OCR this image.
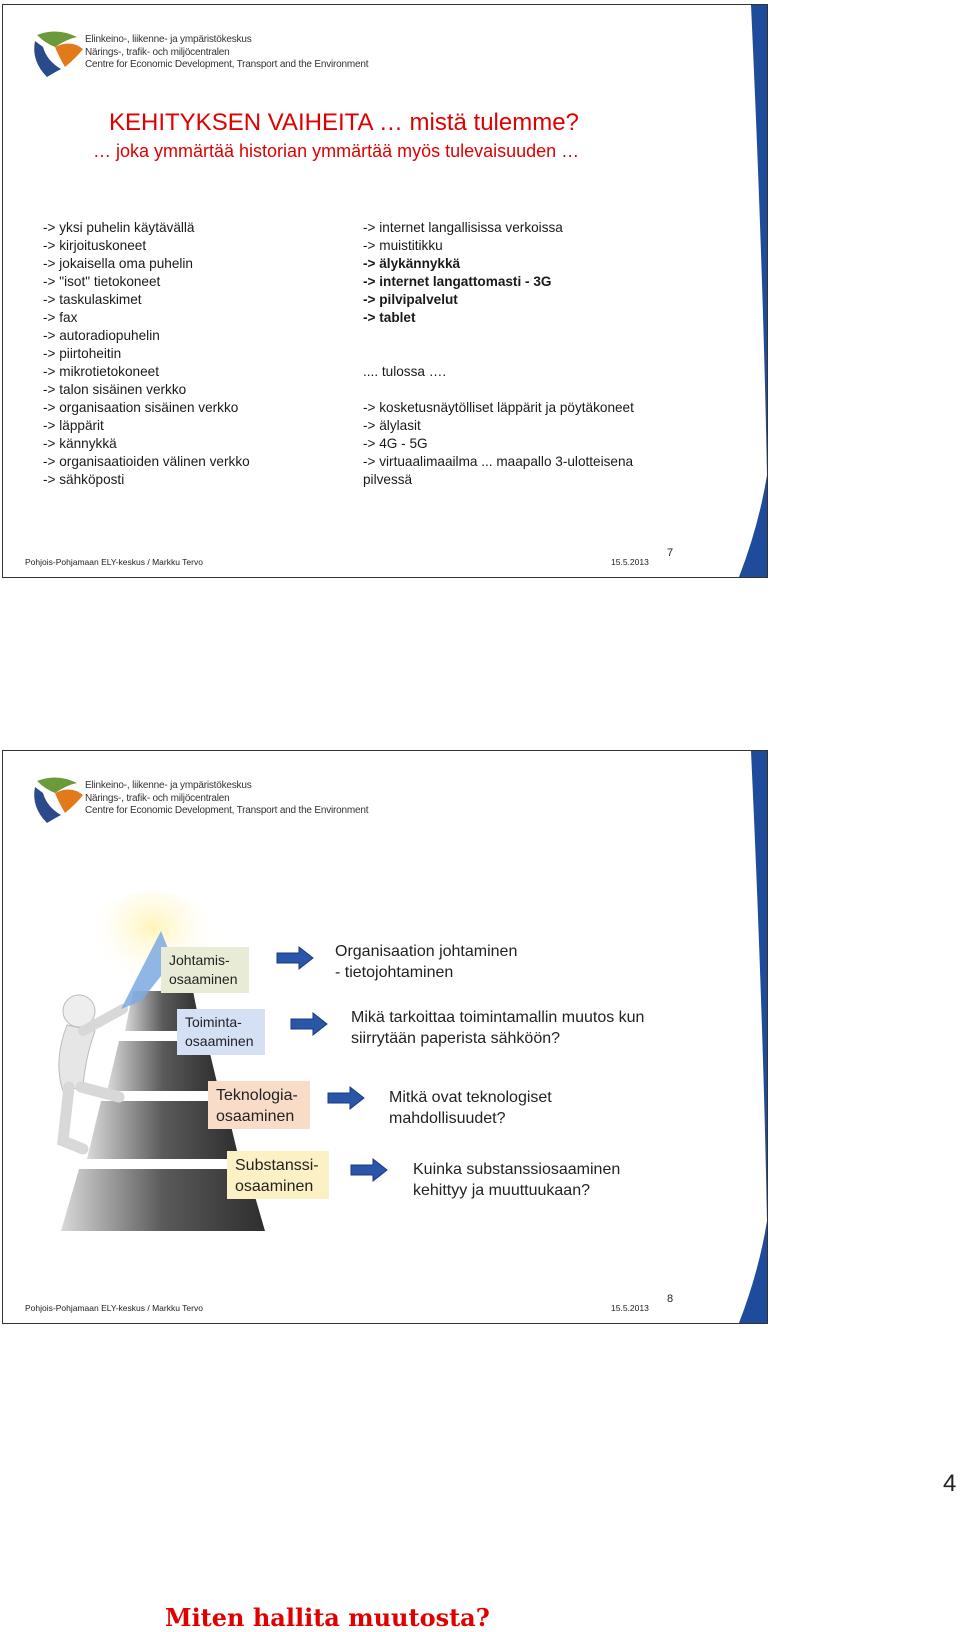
Elinkeino-, liikenne- ja ympäristökeskus
Närings-, trafik- och miljöcentralen
Centre for Economic Development, Transport and the Environment
KEHITYKSEN VAIHEITA … mistä tulemme?
… joka ymmärtää historian ymmärtää myös tulevaisuuden …
-> yksi puhelin käytävällä
-> kirjoituskoneet
-> jokaisella oma puhelin
-> "isot" tietokoneet
-> taskulaskimet
-> fax
-> autoradiopuhelin
-> piirtoheitin
-> mikrotietokoneet
-> talon sisäinen verkko
-> organisaation sisäinen verkko
-> läppärit
-> kännykkä
-> organisaatioiden välinen verkko
-> sähköposti
-> internet langallisissa verkoissa
-> muistitikku
-> älykännykkä
-> internet langattomasti - 3G
-> pilvipalvelut
-> tablet

.... tulossa ….

-> kosketusnäytölliset läppärit ja pöytäkoneet
-> älylasit
-> 4G - 5G
-> virtuaalimaailma ... maapallo 3-ulotteisena
pilvessä
Pohjois-Pohjamaan ELY-keskus / Markku Tervo	15.5.2013
7
Elinkeino-, liikenne- ja ympäristökeskus
Närings-, trafik- och miljöcentralen
Centre for Economic Development, Transport and the Environment
Miten hallita muutosta?
Johtamis-
osaaminen
Organisaation johtaminen
- tietojohtaminen
Toiminta-
osaaminen
Mikä tarkoittaa toimintamallin muutos kun
siirrytään paperista sähköön?
Teknologia-
osaaminen
Mitkä ovat teknologiset
mahdollisuudet?
Substanssi-
osaaminen
Kuinka substanssiosaaminen
kehittyy ja muuttuukaan?
Pohjois-Pohjamaan ELY-keskus / Markku Tervo	15.5.2013
8
4
